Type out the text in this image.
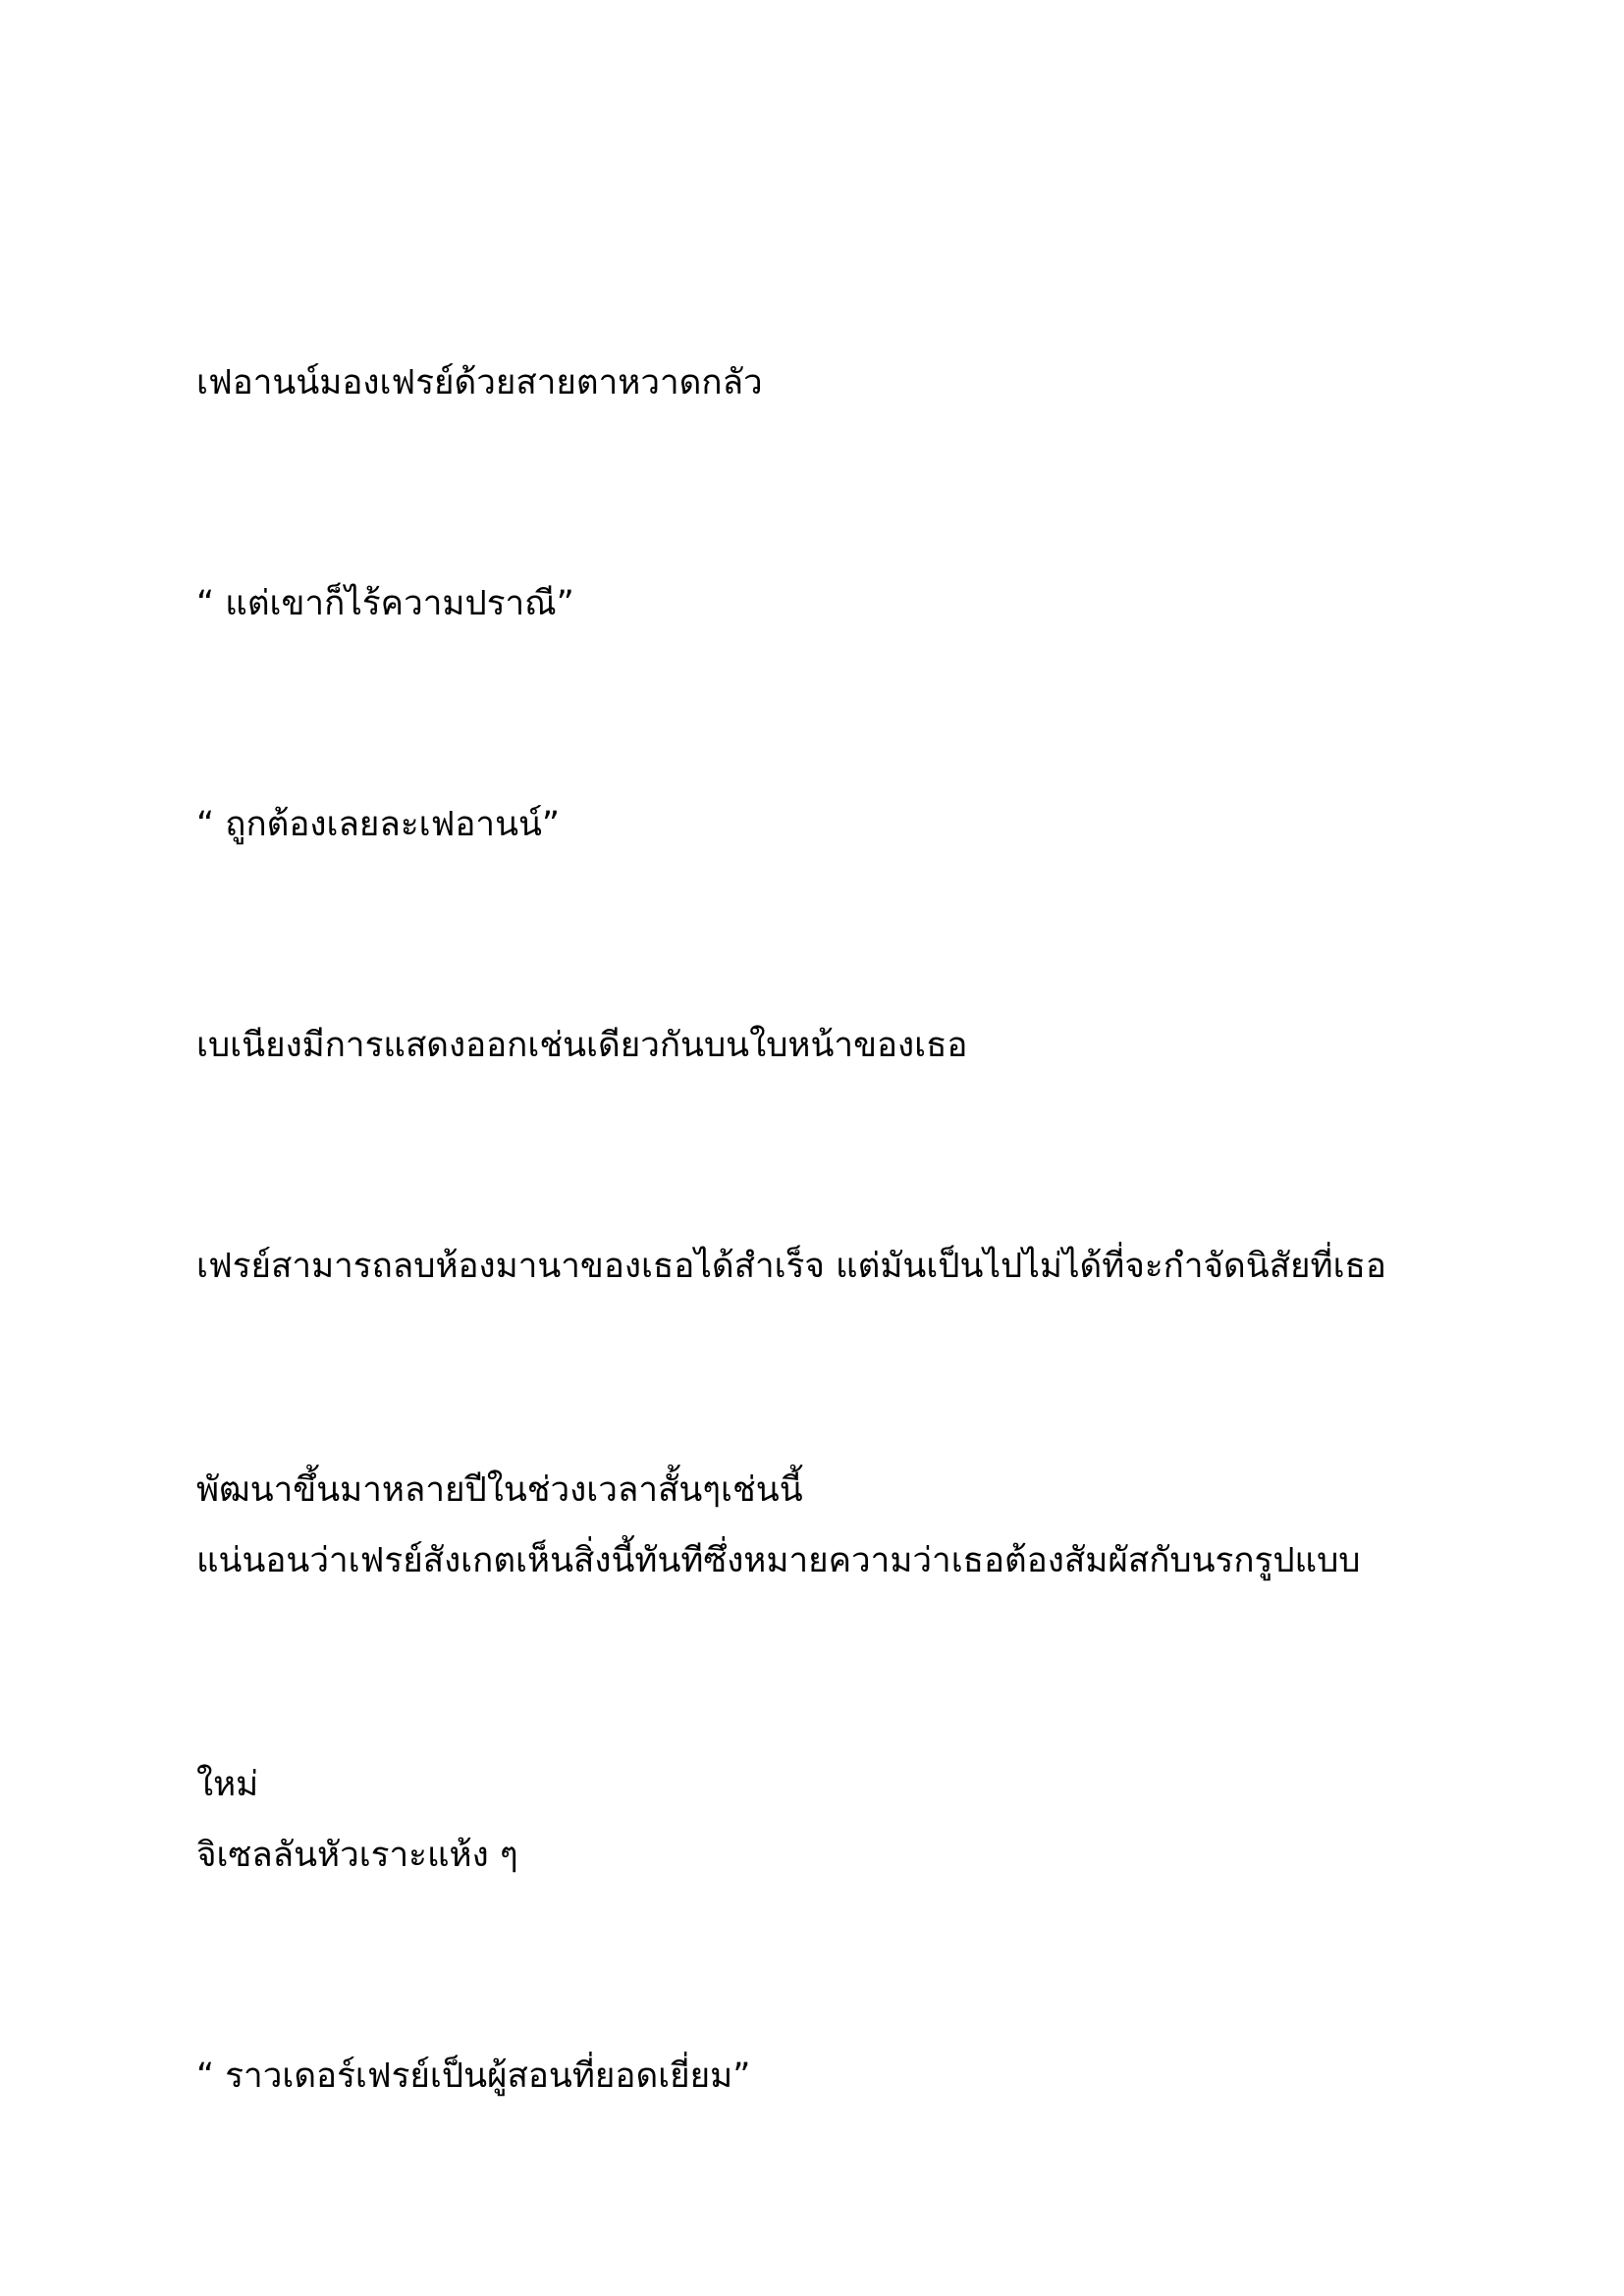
เฟอานน์มองเฟรย์ด้วยสายตาหวาดกลัว

“ แต่เขาก็ไร้ความปราณี”

“ ถูกต้องเลยละเฟอานน์”

เบเนียงมีการแสดงออกเช่นเดียวกันบนใบหน้าของเธอ

เฟรย์สามารถลบห้องมานาของเธอได้สำเร็จ แต่มันเป็นไปไม่ได้ที่จะกำจัดนิสัยที่เธอ

พัฒนาขึ้นมาหลายปีในช่วงเวลาสั้นๆเช่นนี้

แน่นอนว่าเฟรย์สังเกตเห็นสิ่งนี้ทันทีซึ่งหมายความว่าเธอต้องสัมผัสกับนรกรูปแบบ

ใหม่

จิเซลลันหัวเราะแห้ง ๆ

“ ราวเดอร์เฟรย์เป็นผู้สอนที่ยอดเยี่ยม”
